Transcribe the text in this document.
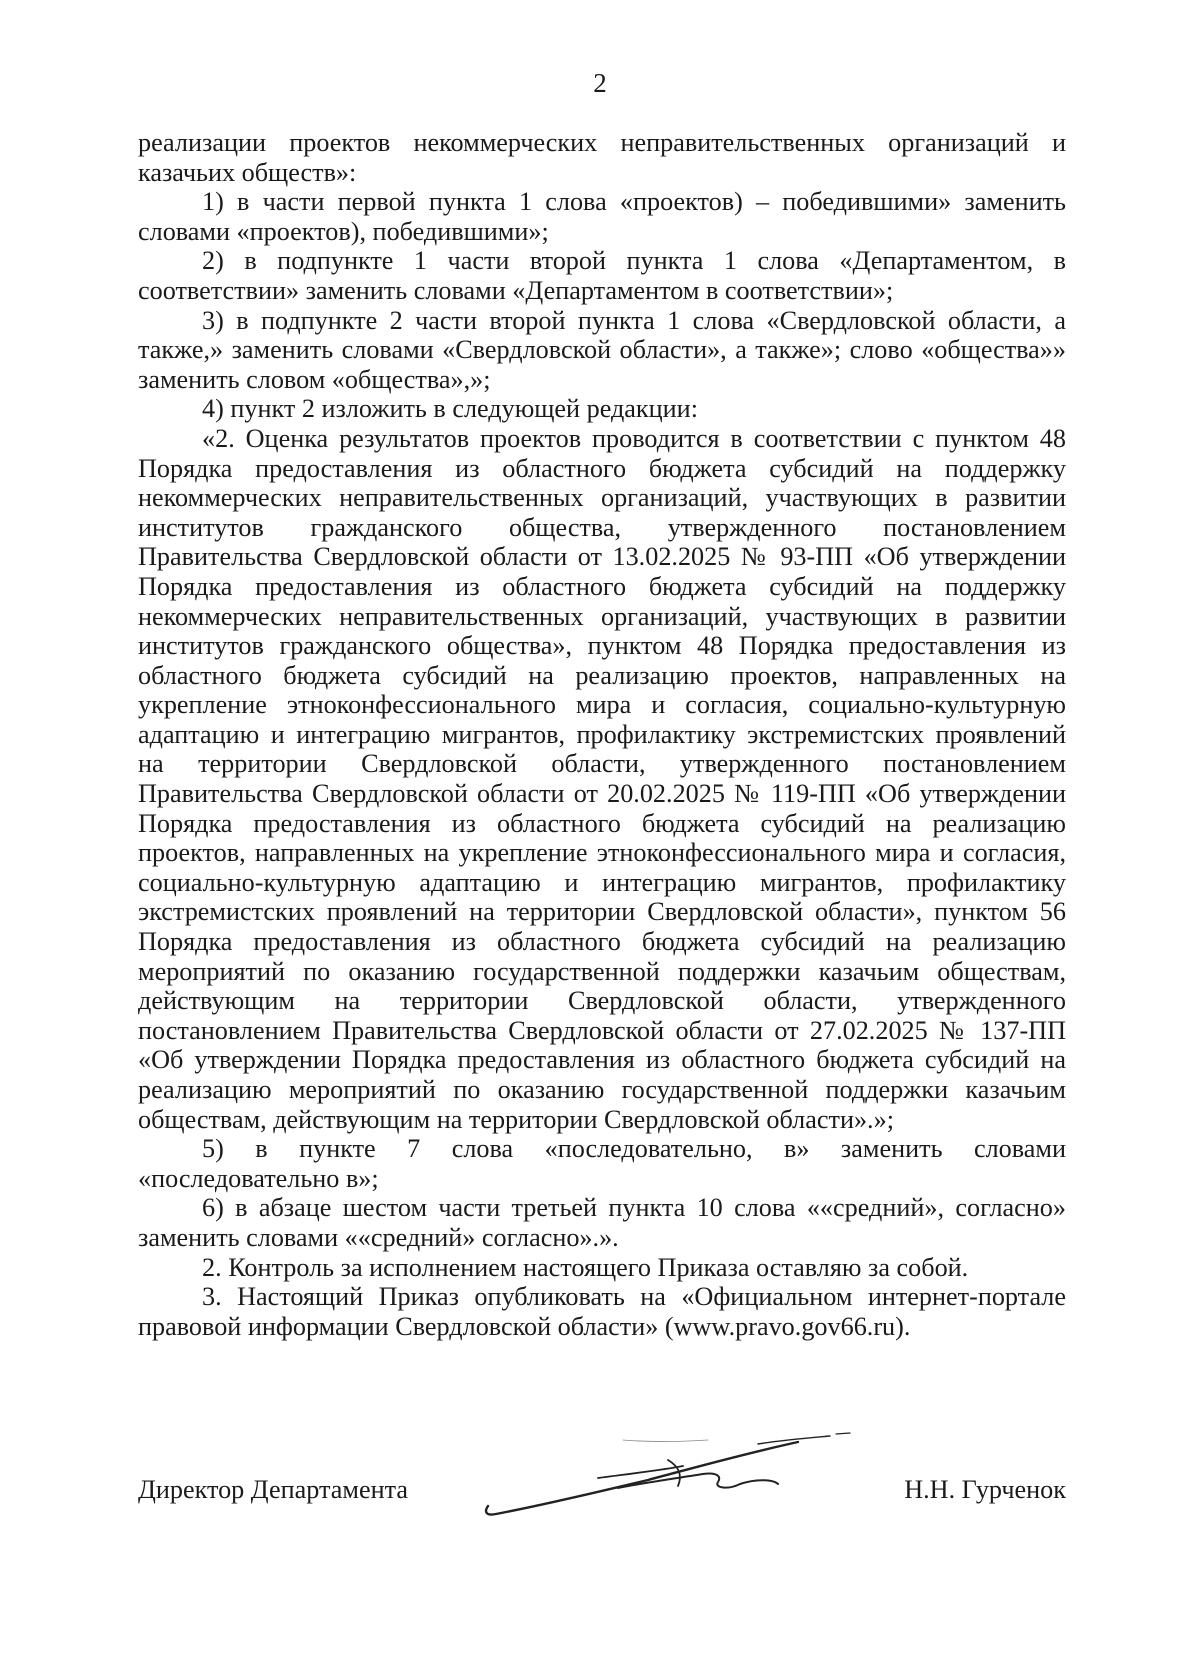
2

реализации проектов некоммерческих неправительственных организаций и казачьих обществ»:

1) в части первой пункта 1 слова «проектов) – победившими» заменить словами «проектов), победившими»;

2) в подпункте 1 части второй пункта 1 слова «Департаментом, в соответствии» заменить словами «Департаментом в соответствии»;

3) в подпункте 2 части второй пункта 1 слова «Свердловской области, а также,» заменить словами «Свердловской области», а также»; слово «общества»» заменить словом «общества»,»;

4) пункт 2 изложить в следующей редакции:

«2. Оценка результатов проектов проводится в соответствии с пунктом 48 Порядка предоставления из областного бюджета субсидий на поддержку некоммерческих неправительственных организаций, участвующих в развитии институтов гражданского общества, утвержденного постановлением Правительства Свердловской области от 13.02.2025 № 93-ПП «Об утверждении Порядка предоставления из областного бюджета субсидий на поддержку некоммерческих неправительственных организаций, участвующих в развитии институтов гражданского общества», пунктом 48 Порядка предоставления из областного бюджета субсидий на реализацию проектов, направленных на укрепление этноконфессионального мира и согласия, социально-культурную адаптацию и интеграцию мигрантов, профилактику экстремистских проявлений на территории Свердловской области, утвержденного постановлением Правительства Свердловской области от 20.02.2025 № 119-ПП «Об утверждении Порядка предоставления из областного бюджета субсидий на реализацию проектов, направленных на укрепление этноконфессионального мира и согласия, социально-культурную адаптацию и интеграцию мигрантов, профилактику экстремистских проявлений на территории Свердловской области», пунктом 56 Порядка предоставления из областного бюджета субсидий на реализацию мероприятий по оказанию государственной поддержки казачьим обществам, действующим на территории Свердловской области, утвержденного постановлением Правительства Свердловской области от 27.02.2025 № 137-ПП «Об утверждении Порядка предоставления из областного бюджета субсидий на реализацию мероприятий по оказанию государственной поддержки казачьим обществам, действующим на территории Свердловской области».»;

5) в пункте 7 слова «последовательно, в» заменить словами «последовательно в»;

6) в абзаце шестом части третьей пункта 10 слова ««средний», согласно» заменить словами ««средний» согласно».».

2. Контроль за исполнением настоящего Приказа оставляю за собой.

3. Настоящий Приказ опубликовать на «Официальном интернет-портале правовой информации Свердловской области» (www.pravo.gov66.ru).

Директор Департамента	Н.Н. Гурченок
